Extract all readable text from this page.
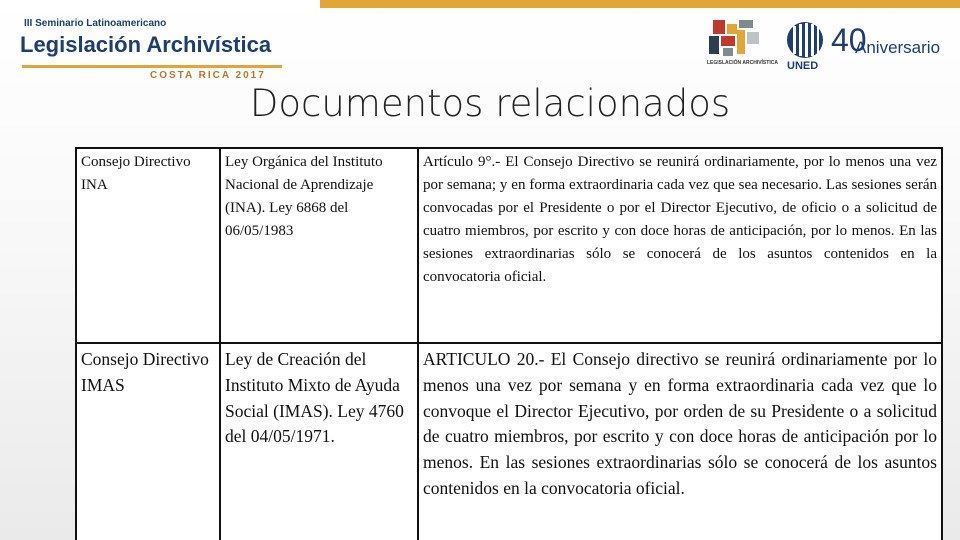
III Seminario Latinoamericano
Legislación Archivística
COSTA RICA 2017
LEGISLACIÓN ARCHIVÍSTICA UNED
40
Aniversario
Documentos relacionados
Consejo Directivo INA	Ley Orgánica del Instituto Nacional de Aprendizaje (INA). Ley 6868 del 06/05/1983	Artículo 9°.- El Consejo Directivo se reunirá ordinariamente, por lo menos una vez por semana; y en forma extraordinaria cada vez que sea necesario. Las sesiones serán convocadas por el Presidente o por el Director Ejecutivo, de oficio o a solicitud de cuatro miembros, por escrito y con doce horas de anticipación, por lo menos. En las sesiones extraordinarias sólo se conocerá de los asuntos contenidos en la convocatoria oficial.
Consejo Directivo IMAS	Ley de Creación del Instituto Mixto de Ayuda Social (IMAS). Ley 4760 del 04/05/1971.	ARTICULO 20.- El Consejo directivo se reunirá ordinariamente por lo menos una vez por semana y en forma extraordinaria cada vez que lo convoque el Director Ejecutivo, por orden de su Presidente o a solicitud de cuatro miembros, por escrito y con doce horas de anticipación por lo menos. En las sesiones extraordinarias sólo se conocerá de los asuntos contenidos en la convocatoria oficial.
